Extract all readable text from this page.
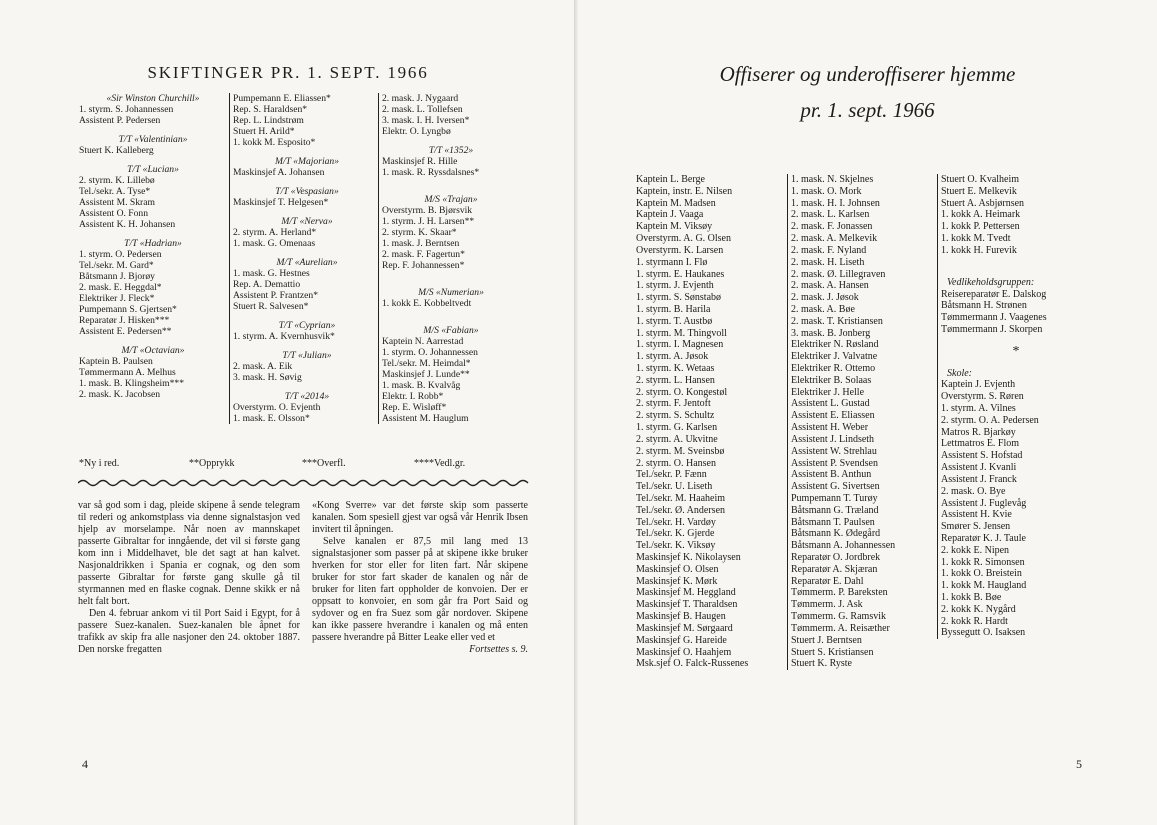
SKIFTINGER PR. 1. SEPT. 1966
«Sir Winston Churchill»
1. styrm. S. Johannessen
Assistent P. Pedersen
T/T «Valentinian»
Stuert K. Kalleberg
T/T «Lucian»
2. styrm. K. Lillebø
Tel./sekr. A. Tyse*
Assistent M. Skram
Assistent O. Fonn
Assistent K. H. Johansen
T/T «Hadrian»
1. styrm. O. Pedersen
Tel./sekr. M. Gard*
Båtsmann J. Bjorøy
2. mask. E. Heggdal*
Elektriker J. Fleck*
Pumpemann S. Gjertsen*
Reparatør J. Hisken***
Assistent E. Pedersen**
M/T «Octavian»
Kaptein B. Paulsen
Tømmermann A. Melhus
1. mask. B. Klingsheim***
2. mask. K. Jacobsen
Pumpemann E. Eliassen*
Rep. S. Haraldsen*
Rep. L. Lindstrøm
Stuert H. Arild*
1. kokk M. Esposito*
M/T «Majorian»
Maskinsjef A. Johansen
T/T «Vespasian»
Maskinsjef T. Helgesen*
M/T «Nerva»
2. styrm. A. Herland*
1. mask. G. Omenaas
M/T «Aurelian»
1. mask. G. Hestnes
Rep. A. Demattio
Assistent P. Frantzen*
Stuert R. Salvesen*
T/T «Cyprian»
1. styrm. A. Kvernhusvik*
T/T «Julian»
2. mask. A. Eik
3. mask. H. Søvig
T/T «2014»
Overstyrm. O. Evjenth
1. mask. E. Olsson*
2. mask. J. Nygaard
2. mask. L. Tollefsen
3. mask. I. H. Iversen*
Elektr. O. Lyngbø
T/T «1352»
Maskinsjef R. Hille
1. mask. R. Ryssdalsnes*
M/S «Trajan»
Overstyrm. B. Bjørsvik
1. styrm. J. H. Larsen**
2. styrm. K. Skaar*
1. mask. J. Berntsen
2. mask. F. Fagertun*
Rep. F. Johannessen*
M/S «Numerian»
1. kokk E. Kobbeltvedt
M/S «Fabian»
Kaptein N. Aarrestad
1. styrm. O. Johannessen
Tel./sekr. M. Heimdal*
Maskinsjef J. Lunde**
1. mask. B. Kvalvåg
Elektr. I. Robb*
Rep. E. Wisløff*
Assistent M. Hauglum
*Ny i red.	**Opprykk	***Overfl.	****Vedl.gr.

var så god som i dag, pleide skipene å sende telegram til rederi og ankomstplass via denne signalstasjon ved hjelp av morselampe. Når noen av mannskapet passerte Gibraltar for inngående, det vil si første gang kom inn i Middelhavet, ble det sagt at han kalvet. Nasjonaldrikken i Spania er cognak, og den som passerte Gibraltar for første gang skulle gå til styrmannen med en flaske cognak. Denne skikk er nå helt falt bort.

Den 4. februar ankom vi til Port Said i Egypt, for å passere Suez-kanalen. Suez-kanalen ble åpnet for trafikk av skip fra alle nasjoner den 24. oktober 1887. Den norske fregatten

«Kong Sverre» var det første skip som passerte kanalen. Som spesiell gjest var også vår Henrik Ibsen invitert til åpningen.

Selve kanalen er 87,5 mil lang med 13 signalstasjoner som passer på at skipene ikke bruker hverken for stor eller for liten fart. Når skipene bruker for stor fart skader de kanalen og når de bruker for liten fart oppholder de konvoien. Der er oppsatt to konvoier, en som går fra Port Said og sydover og en fra Suez som går nordover. Skipene kan ikke passere hverandre i kanalen og må enten passere hverandre på Bitter Leake eller ved et

Fortsettes s. 9.

4	5
Offiserer og underoffiserer hjemme
pr. 1. sept. 1966
Kaptein L. Berge
Kaptein, instr. E. Nilsen
Kaptein M. Madsen
Kaptein J. Vaaga
Kaptein M. Viksøy
Overstyrm. A. G. Olsen
Overstyrm. K. Larsen
1. styrmann I. Flø
1. styrm. E. Haukanes
1. styrm. J. Evjenth
1. styrm. S. Sønstabø
1. styrm. B. Harila
1. styrm. T. Austbø
1. styrm. M. Thingvoll
1. styrm. I. Magnesen
1. styrm. A. Jøsok
1. styrm. K. Wetaas
2. styrm. L. Hansen
2. styrm. O. Kongestøl
2. styrm. F. Jentoft
2. styrm. S. Schultz
1. styrm. G. Karlsen
2. styrm. A. Ukvitne
2. styrm. M. Sveinsbø
2. styrm. O. Hansen
Tel./sekr. P. Fænn
Tel./sekr. U. Liseth
Tel./sekr. M. Haaheim
Tel./sekr. Ø. Andersen
Tel./sekr. H. Vardøy
Tel./sekr. K. Gjerde
Tel./sekr. K. Viksøy
Maskinsjef K. Nikolaysen
Maskinsjef O. Olsen
Maskinsjef K. Mørk
Maskinsjef M. Heggland
Maskinsjef T. Tharaldsen
Maskinsjef B. Haugen
Maskinsjef M. Sørgaard
Maskinsjef G. Hareide
Maskinsjef O. Haahjem
Msk.sjef O. Falck-Russenes
1. mask. N. Skjelnes
1. mask. O. Mork
1. mask. H. I. Johnsen
2. mask. L. Karlsen
2. mask. F. Jonassen
2. mask. A. Melkevik
2. mask. F. Nyland
2. mask. H. Liseth
2. mask. Ø. Lillegraven
2. mask. A. Hansen
2. mask. J. Jøsok
2. mask. A. Bøe
2. mask. T. Kristiansen
3. mask. B. Jonberg
Elektriker N. Røsland
Elektriker J. Valvatne
Elektriker R. Ottemo
Elektriker B. Solaas
Elektriker J. Helle
Assistent L. Gustad
Assistent E. Eliassen
Assistent H. Weber
Assistent J. Lindseth
Assistent W. Strehlau
Assistent P. Svendsen
Assistent B. Anthun
Assistent G. Sivertsen
Pumpemann T. Turøy
Båtsmann G. Træland
Båtsmann T. Paulsen
Båtsmann K. Ødegård
Båtsmann A. Johannessen
Reparatør O. Jordbrek
Reparatør A. Skjæran
Reparatør E. Dahl
Tømmerm. P. Bareksten
Tømmerm. J. Ask
Tømmerm. G. Ramsvik
Tømmerm. A. Reisæther
Stuert J. Berntsen
Stuert S. Kristiansen
Stuert K. Ryste
Stuert O. Kvalheim
Stuert E. Melkevik
Stuert A. Asbjørnsen
1. kokk A. Heimark
1. kokk P. Pettersen
1. kokk M. Tvedt
1. kokk H. Furevik
Vedlikeholdsgruppen:
Reisereparatør E. Dalskog
Båtsmann H. Strønen
Tømmermann J. Vaagenes
Tømmermann J. Skorpen
*
Skole:
Kaptein J. Evjenth
Overstyrm. S. Røren
1. styrm. A. Vilnes
2. styrm. O. A. Pedersen
Matros R. Bjarkøy
Lettmatros E. Flom
Assistent S. Hofstad
Assistent J. Kvanli
Assistent J. Franck
2. mask. O. Bye
Assistent J. Fuglevåg
Assistent H. Kvie
Smører S. Jensen
Reparatør K. J. Taule
2. kokk E. Nipen
1. kokk R. Simonsen
1. kokk O. Breistein
1. kokk M. Haugland
1. kokk B. Bøe
2. kokk K. Nygård
2. kokk R. Hardt
Byssegutt O. Isaksen
